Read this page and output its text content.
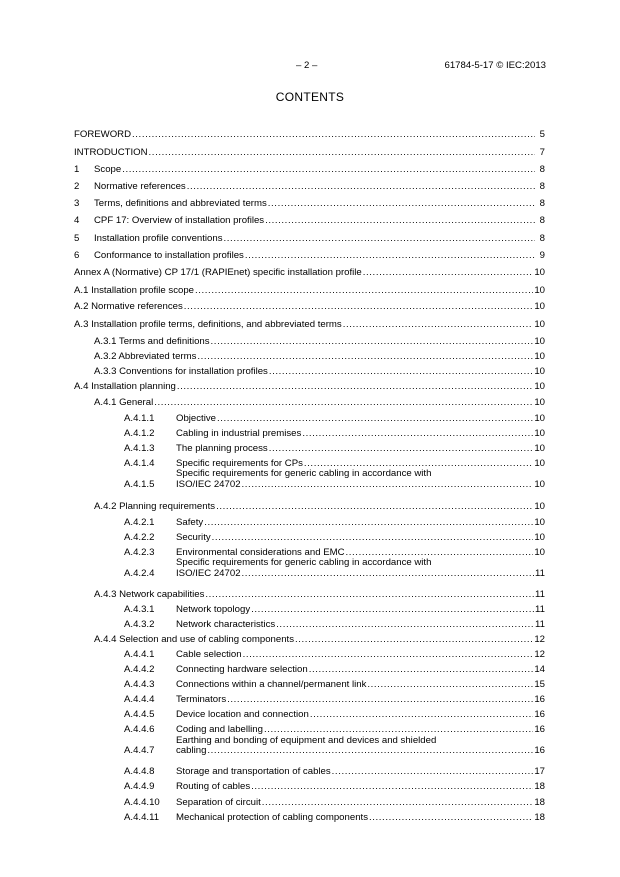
– 2 –	61784-5-17 © IEC:2013
CONTENTS
FOREWORD .....	5
INTRODUCTION .....	7
1	Scope .....	8
2	Normative references .....	8
3	Terms, definitions and abbreviated terms .....	8
4	CPF 17: Overview of installation profiles .....	8
5	Installation profile conventions .....	8
6	Conformance to installation profiles .....	9
Annex A (Normative) CP 17/1 (RAPIEnet) specific installation profile .....	10
A.1 Installation profile scope .....	10
A.2 Normative references .....	10
A.3 Installation profile terms, definitions, and abbreviated terms .....	10
A.3.1 Terms and definitions .....	10
A.3.2 Abbreviated terms .....	10
A.3.3 Conventions for installation profiles .....	10
A.4 Installation planning .....	10
A.4.1 General .....	10
A.4.1.1	Objective .....	10
A.4.1.2	Cabling in industrial premises .....	10
A.4.1.3	The planning process .....	10
A.4.1.4	Specific requirements for CPs .....	10
Specific requirements for generic cabling in accordance with
A.4.1.5	ISO/IEC 24702 .....	10
A.4.2 Planning requirements .....	10
A.4.2.1	Safety .....	10
A.4.2.2	Security .....	10
A.4.2.3	Environmental considerations and EMC .....	10
Specific requirements for generic cabling in accordance with
A.4.2.4	ISO/IEC 24702 .....	11
A.4.3 Network capabilities .....	11
A.4.3.1	Network topology .....	11
A.4.3.2	Network characteristics .....	11
A.4.4 Selection and use of cabling components .....	12
A.4.4.1	Cable selection .....	12
A.4.4.2	Connecting hardware selection .....	14
A.4.4.3	Connections within a channel/permanent link .....	15
A.4.4.4	Terminators .....	16
A.4.4.5	Device location and connection .....	16
A.4.4.6	Coding and labelling .....	16
Earthing and bonding of equipment and devices and shielded
A.4.4.7	cabling .....	16
A.4.4.8	Storage and transportation of cables .....	17
A.4.4.9	Routing of cables .....	18
A.4.4.10	Separation of circuit .....	18
A.4.4.11	Mechanical protection of cabling components .....	18
